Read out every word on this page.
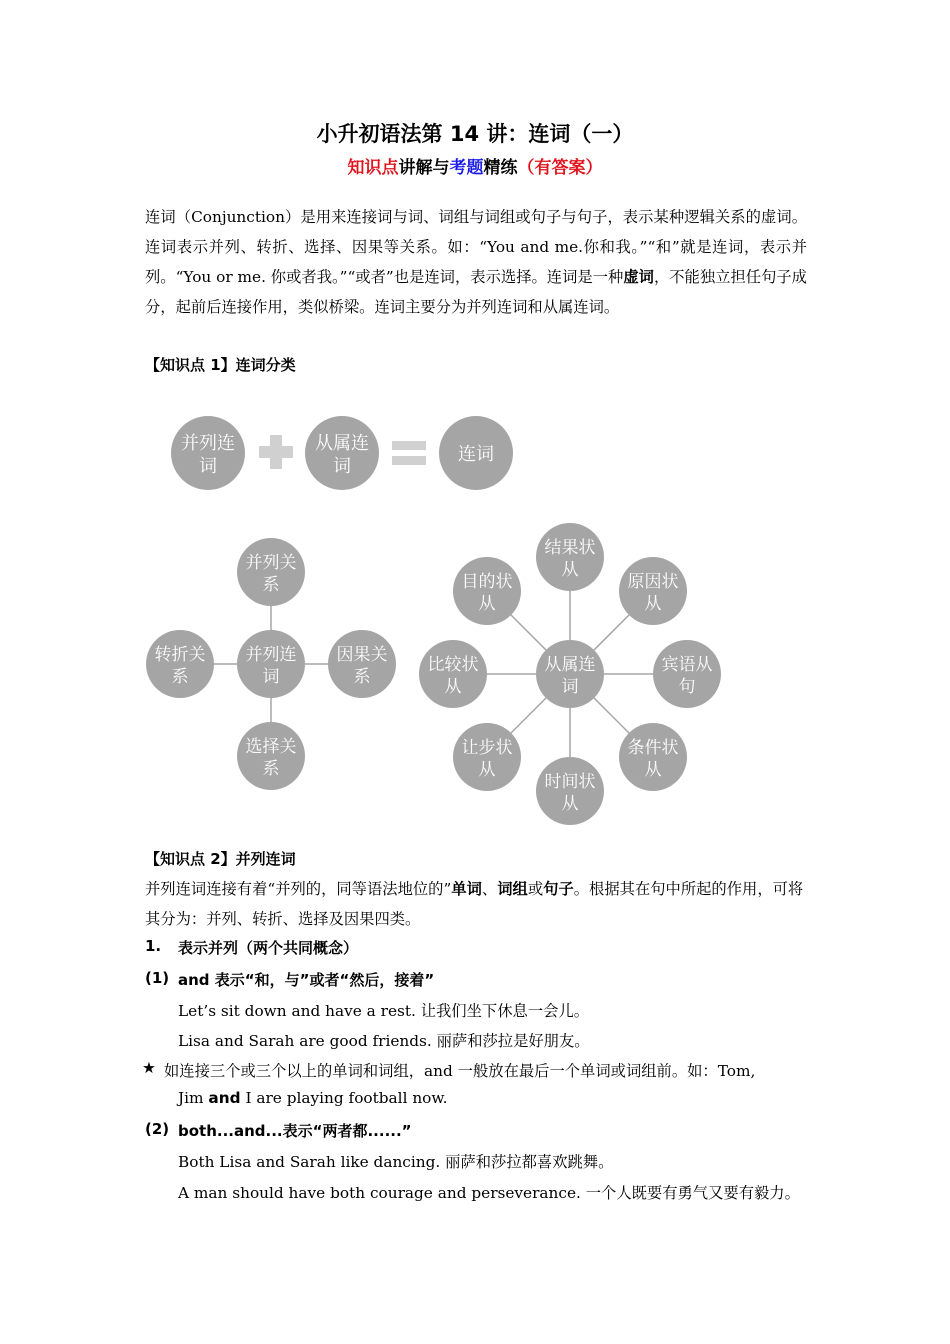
小升初语法第 14 讲：连词（一）
知识点讲解与考题精练（有答案）
连词（Conjunction）是用来连接词与词、词组与词组或句子与句子，表示某种逻辑关系的虚词。连词表示并列、转折、选择、因果等关系。如：“You and me.你和我。”“和”就是连词，表示并列。“You or me. 你或者我。”“或者”也是连词，表示选择。连词是一种虚词，不能独立担任句子成分，起前后连接作用，类似桥梁。连词主要分为并列连词和从属连词。
【知识点 1】连词分类
并列连
词
从属连
词
连词
并列关
系
转折关
系
因果关
系
选择关
系
并列连
词
结果状
从
目的状
从
原因状
从
比较状
从
宾语从
句
让步状
从
条件状
从
时间状
从
从属连
词
【知识点 2】并列连词
并列连词连接有着“并列的，同等语法地位的”单词、词组或句子。根据其在句中所起的作用，可将其分为：并列、转折、选择及因果四类。
1. 表示并列（两个共同概念）
(1) and 表示“和，与”或者“然后，接着”
Let’s sit down and have a rest. 让我们坐下休息一会儿。
Lisa and Sarah are good friends. 丽萨和莎拉是好朋友。
★ 如连接三个或三个以上的单词和词组，and 一般放在最后一个单词或词组前。如：Tom,
Jim and I are playing football now.
(2) both...and...表示“两者都......”
Both Lisa and Sarah like dancing. 丽萨和莎拉都喜欢跳舞。
A man should have both courage and perseverance. 一个人既要有勇气又要有毅力。
